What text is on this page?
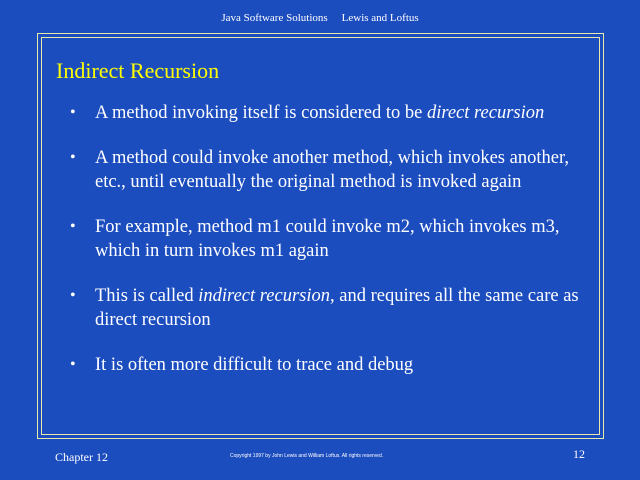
Java Software Solutions Lewis and Loftus
Indirect Recursion
• A method invoking itself is considered to be direct recursion
• A method could invoke another method, which invokes another, etc., until eventually the original method is invoked again
• For example, method m1 could invoke m2, which invokes m3, which in turn invokes m1 again
• This is called indirect recursion, and requires all the same care as direct recursion
• It is often more difficult to trace and debug
Chapter 12	Copyright 1997 by John Lewis and William Loftus. All rights reserved.	12
